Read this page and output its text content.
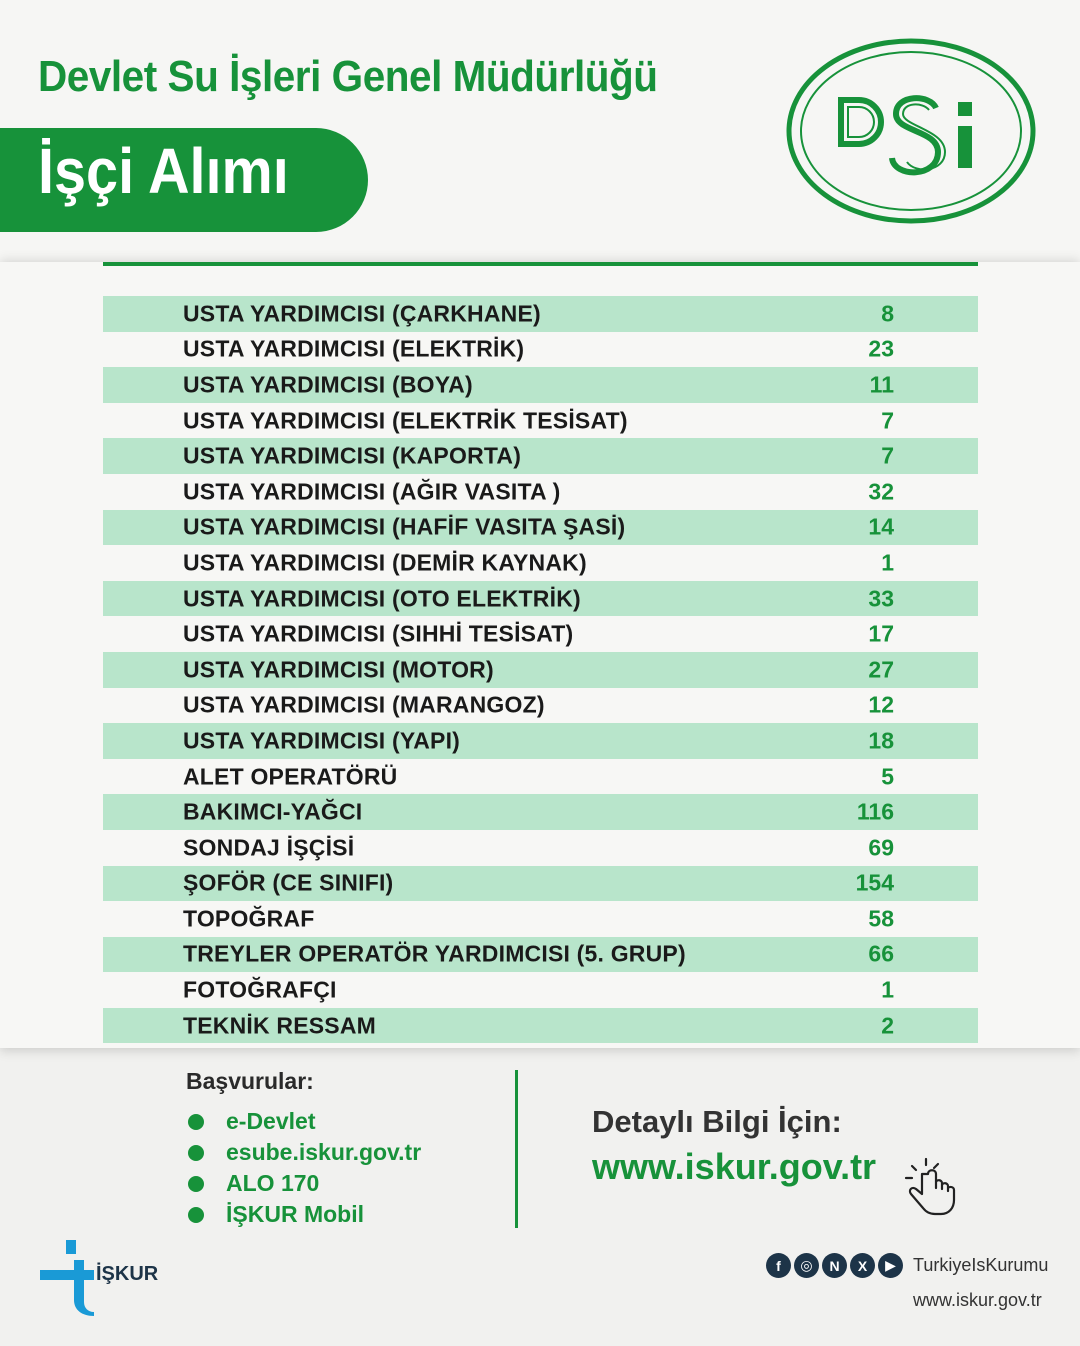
Devlet Su İşleri Genel Müdürlüğü
İşçi Alımı
USTA YARDIMCISI (ÇARKHANE)	8
USTA YARDIMCISI (ELEKTRİK)	23
USTA YARDIMCISI (BOYA)	11
USTA YARDIMCISI (ELEKTRİK TESİSAT)	7
USTA YARDIMCISI (KAPORTA)	7
USTA YARDIMCISI (AĞIR VASITA )	32
USTA YARDIMCISI (HAFİF VASITA ŞASİ)	14
USTA YARDIMCISI (DEMİR KAYNAK)	1
USTA YARDIMCISI (OTO ELEKTRİK)	33
USTA YARDIMCISI (SIHHİ TESİSAT)	17
USTA YARDIMCISI (MOTOR)	27
USTA YARDIMCISI (MARANGOZ)	12
USTA YARDIMCISI (YAPI)	18
ALET OPERATÖRÜ	5
BAKIMCI-YAĞCI	116
SONDAJ İŞÇİSİ	69
ŞOFÖR (CE SINIFI)	154
TOPOĞRAF	58
TREYLER OPERATÖR YARDIMCISI (5. GRUP)	66
FOTOĞRAFÇI	1
TEKNİK RESSAM	2
Başvurular:
e-Devlet
esube.iskur.gov.tr
ALO 170
İŞKUR Mobil
Detaylı Bilgi İçin:
www.iskur.gov.tr
İŞKUR	f	◎	N	X	▶ TurkiyeIsKurumu
www.iskur.gov.tr
